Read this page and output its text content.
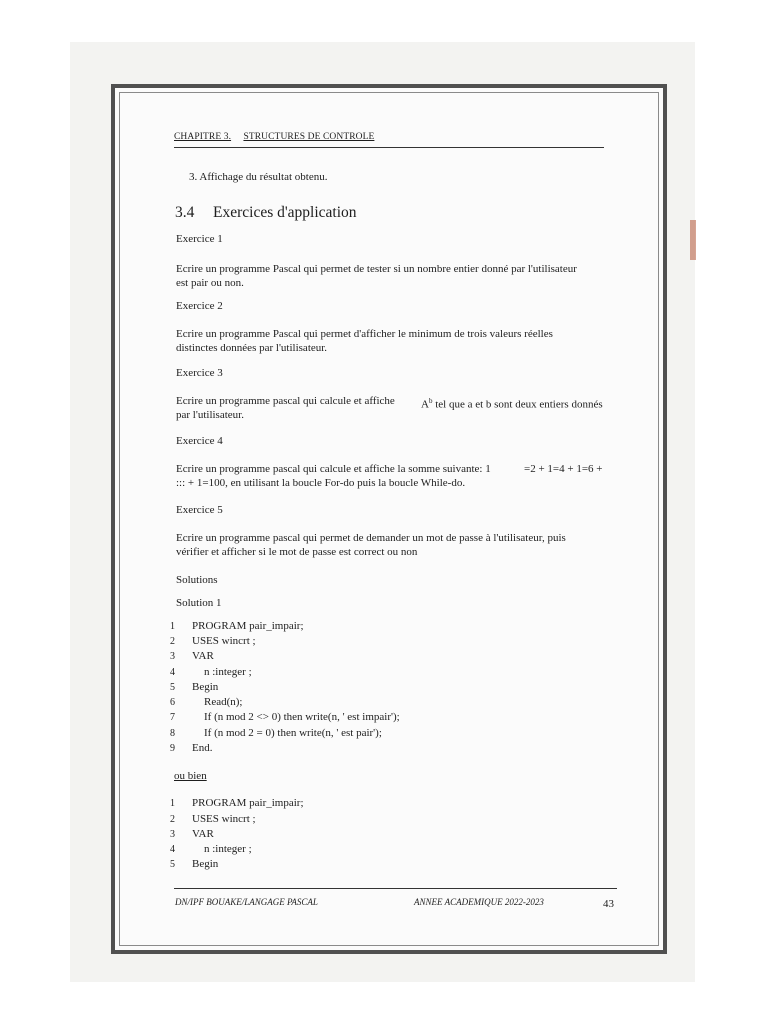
CHAPITRE 3. STRUCTURES DE CONTROLE
3. Affichage du résultat obtenu.
3.4 Exercices d'application
Exercice 1
Ecrire un programme Pascal qui permet de tester si un nombre entier donné par l'utilisateur
est pair ou non.
Exercice 2
Ecrire un programme Pascal qui permet d'afficher le minimum de trois valeurs réelles
distinctes données par l'utilisateur.
Exercice 3
Ecrire un programme pascal qui calcule et affiche $A^b$ tel que a et b sont deux entiers donnés
par l'utilisateur.
Exercice 4
Ecrire un programme pascal qui calcule et affiche la somme suivante: 1	=2 + 1=4 + 1=6 +
::: + 1=100, en utilisant la boucle For-do puis la boucle While-do.
Exercice 5
Ecrire un programme pascal qui permet de demander un mot de passe à l'utilisateur, puis
vérifier et afficher si le mot de passe est correct ou non
Solutions
Solution 1
1 PROGRAM pair_impair;
2 USES wincrt ;
3 VAR
4	n :integer ;
5 Begin
6	Read(n);
7	If (n mod 2 <> 0) then write(n, ' est impair');
8	If (n mod 2 = 0) then write(n, ' est pair');
9 End.
ou bien
1 PROGRAM pair_impair;
2 USES wincrt ;
3 VAR
4	n :integer ;
5 Begin
DN/IPF BOUAKE/LANGAGE PASCAL	ANNEE ACADEMIQUE 2022-2023	43
